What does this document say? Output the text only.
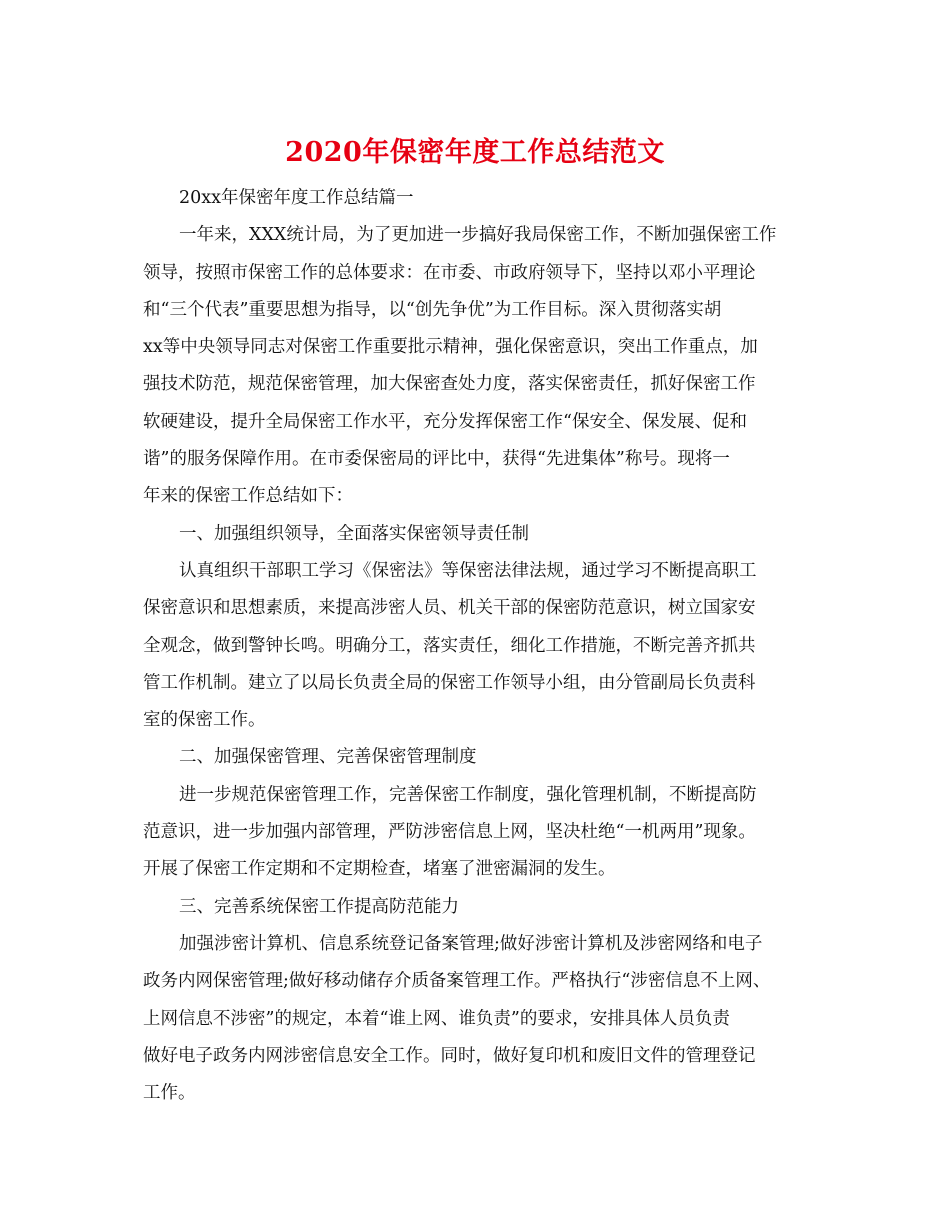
2020年保密年度工作总结范文
20xx年保密年度工作总结篇一
一年来，XXX统计局，为了更加进一步搞好我局保密工作，不断加强保密工作
领导，按照市保密工作的总体要求：在市委、市政府领导下，坚持以邓小平理论
和“三个代表”重要思想为指导，以“创先争优”为工作目标。深入贯彻落实胡
xx等中央领导同志对保密工作重要批示精神，强化保密意识，突出工作重点，加
强技术防范，规范保密管理，加大保密查处力度，落实保密责任，抓好保密工作
软硬建设，提升全局保密工作水平，充分发挥保密工作“保安全、保发展、促和
谐”的服务保障作用。在市委保密局的评比中，获得“先进集体”称号。现将一
年来的保密工作总结如下：
一、加强组织领导，全面落实保密领导责任制
认真组织干部职工学习《保密法》等保密法律法规，通过学习不断提高职工
保密意识和思想素质，来提高涉密人员、机关干部的保密防范意识，树立国家安
全观念，做到警钟长鸣。明确分工，落实责任，细化工作措施，不断完善齐抓共
管工作机制。建立了以局长负责全局的保密工作领导小组，由分管副局长负责科
室的保密工作。
二、加强保密管理、完善保密管理制度
进一步规范保密管理工作，完善保密工作制度，强化管理机制，不断提高防
范意识，进一步加强内部管理，严防涉密信息上网，坚决杜绝“一机两用”现象。
开展了保密工作定期和不定期检查，堵塞了泄密漏洞的发生。
三、完善系统保密工作提高防范能力
加强涉密计算机、信息系统登记备案管理;做好涉密计算机及涉密网络和电子
政务内网保密管理;做好移动储存介质备案管理工作。严格执行“涉密信息不上网、
上网信息不涉密”的规定，本着“谁上网、谁负责”的要求，安排具体人员负责
做好电子政务内网涉密信息安全工作。同时，做好复印机和废旧文件的管理登记
工作。
